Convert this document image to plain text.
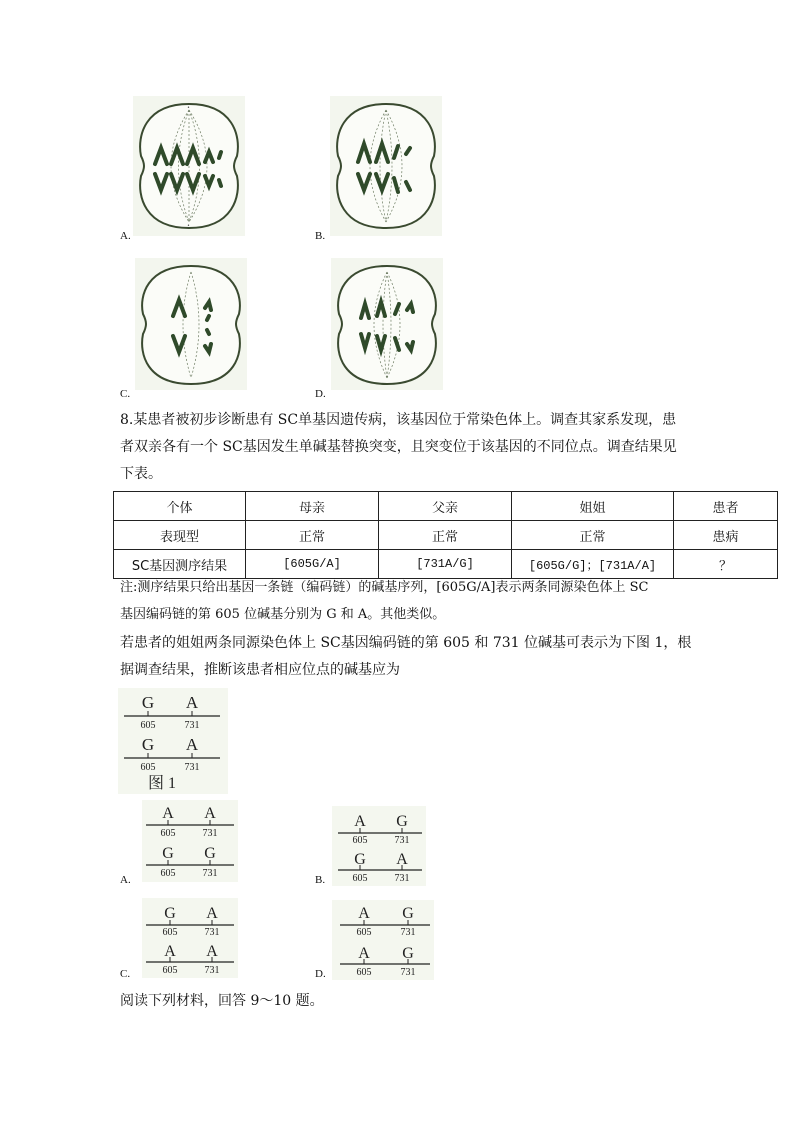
•
•
A.	B.
C.	D.
8.某患者被初步诊断患有 SC单基因遗传病，该基因位于常染色体上。调查其家系发现，患
者双亲各有一个 SC基因发生单碱基替换突变，且突变位于该基因的不同位点。调查结果见
下表。
个体	母亲	父亲	姐姐	患者
表现型	正常	正常	正常	患病
SC基因测序结果	[605G/A]	[731A/G]	[605G/G]；[731A/A]	？
注:测序结果只给出基因一条链（编码链）的碱基序列，[605G/A]表示两条同源染色体上 SC
基因编码链的第 605 位碱基分别为 G 和 A。其他类似。
若患者的姐姐两条同源染色体上 SC基因编码链的第 605 和 731 位碱基可表示为下图 1，根
据调查结果，推断该患者相应位点的碱基应为
G A
605	731
G A
605	731
图 1
A A
605	731
G G
605	731
A.
A G
605	731
G A
605	731
B.
G A
605	731
A A
605	731
C.
A G
605	731
A G
605	731
D.
阅读下列材料，回答 9～10 题。
